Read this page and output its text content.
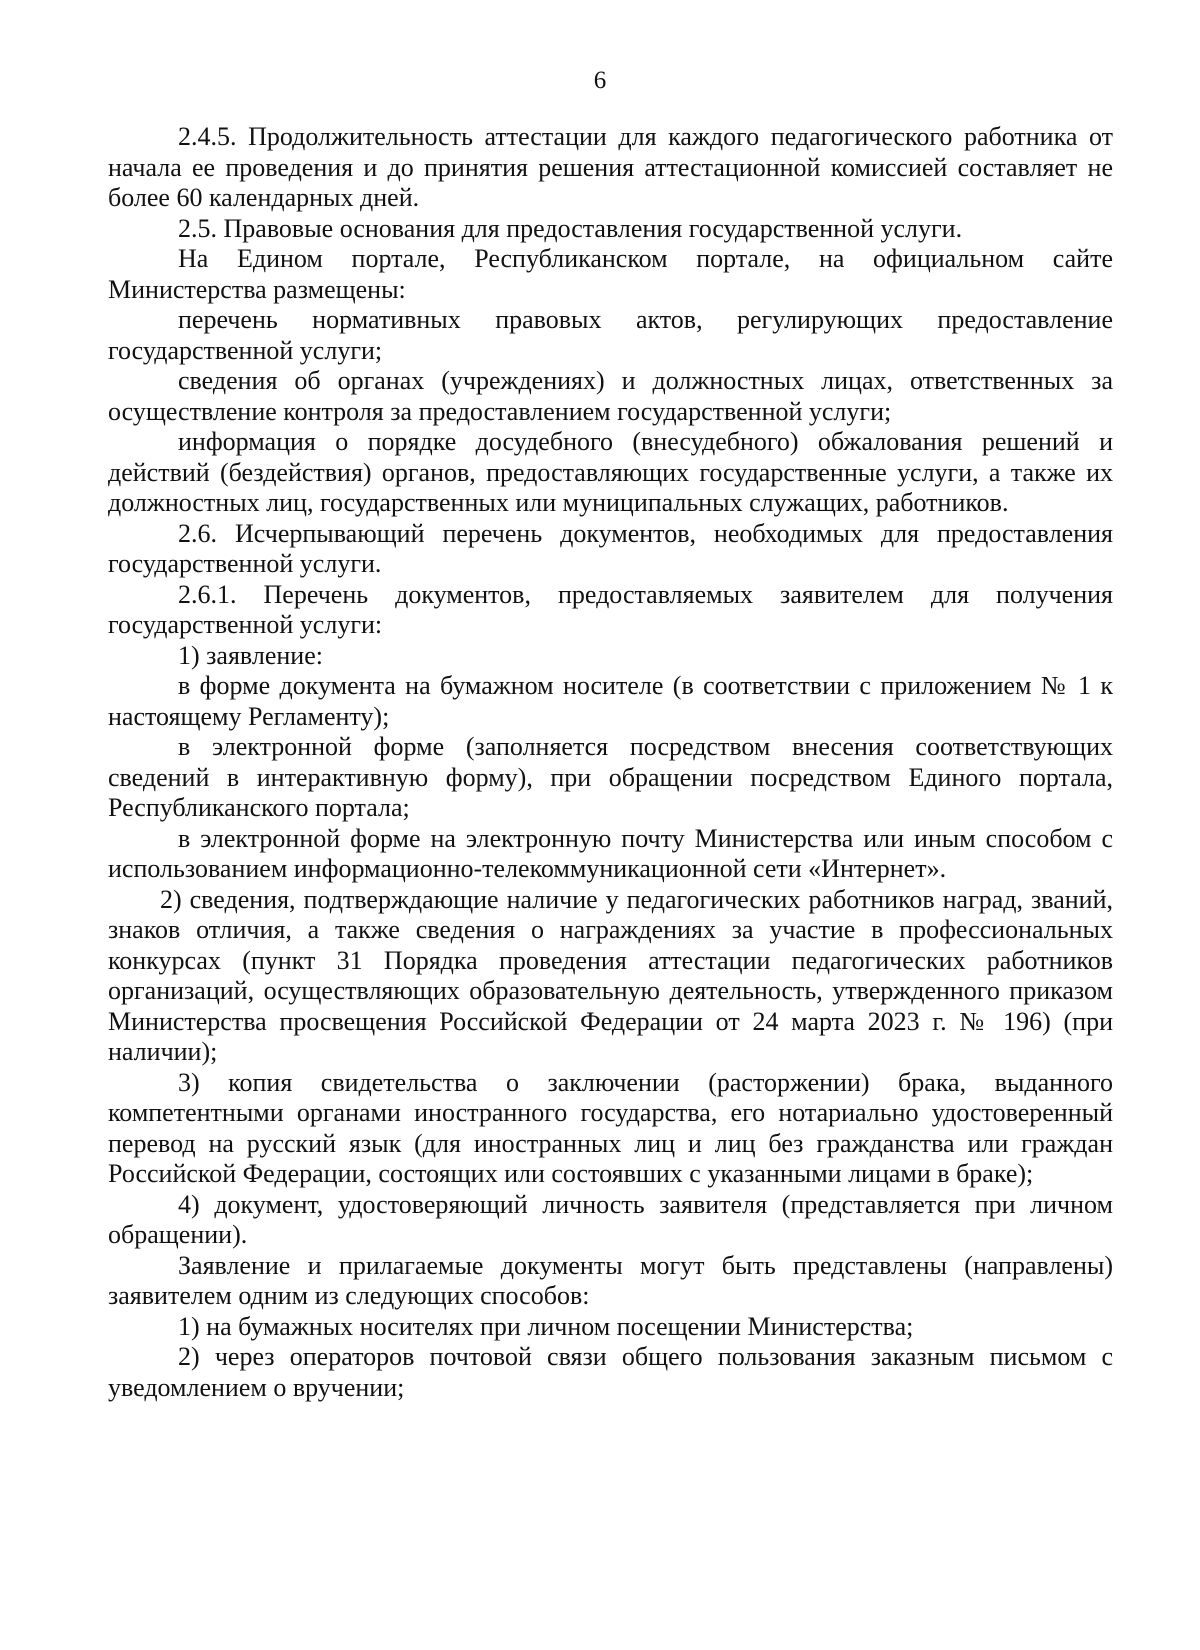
6

2.4.5. Продолжительность аттестации для каждого педагогического работника от начала ее проведения и до принятия решения аттестационной комиссией составляет не более 60 календарных дней.

2.5. Правовые основания для предоставления государственной услуги.

На Едином портале, Республиканском портале, на официальном сайте Министерства размещены:

перечень нормативных правовых актов, регулирующих предоставление государственной услуги;

сведения об органах (учреждениях) и должностных лицах, ответственных за осуществление контроля за предоставлением государственной услуги;

информация о порядке досудебного (внесудебного) обжалования решений и действий (бездействия) органов, предоставляющих государственные услуги, а также их должностных лиц, государственных или муниципальных служащих, работников.

2.6. Исчерпывающий перечень документов, необходимых для предоставления государственной услуги.

2.6.1. Перечень документов, предоставляемых заявителем для получения государственной услуги:

1) заявление:

в форме документа на бумажном носителе (в соответствии с приложением № 1 к настоящему Регламенту);

в электронной форме (заполняется посредством внесения соответствующих сведений в интерактивную форму), при обращении посредством Единого портала, Республиканского портала;

в электронной форме на электронную почту Министерства или иным способом с использованием информационно-телекоммуникационной сети «Интернет».

2) сведения, подтверждающие наличие у педагогических работников наград, званий, знаков отличия, а также сведения о награждениях за участие в профессиональных конкурсах (пункт 31 Порядка проведения аттестации педагогических работников организаций, осуществляющих образовательную деятельность, утвержденного приказом Министерства просвещения Российской Федерации от 24 марта 2023 г. № 196) (при наличии);

3) копия свидетельства о заключении (расторжении) брака, выданного компетентными органами иностранного государства, его нотариально удостоверенный перевод на русский язык (для иностранных лиц и лиц без гражданства или граждан Российской Федерации, состоящих или состоявших с указанными лицами в браке);

4) документ, удостоверяющий личность заявителя (представляется при личном обращении).

Заявление и прилагаемые документы могут быть представлены (направлены) заявителем одним из следующих способов:

1) на бумажных носителях при личном посещении Министерства;

2) через операторов почтовой связи общего пользования заказным письмом с уведомлением о вручении;
